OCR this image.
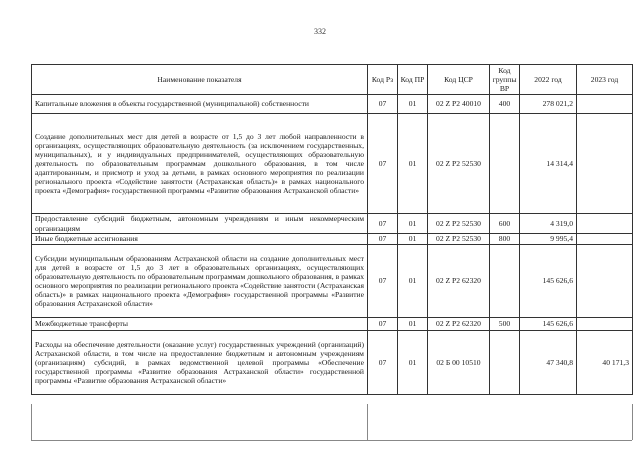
332
Наименование показателя	Код Рз	Код ПР	Код ЦСР	Код группы ВР	2022 год	2023 год
Капитальные вложения в объекты государственной (муниципальной) собственности	07	01	02 Z P2 40010	400	278 021,2	
Создание дополнительных мест для детей в возрасте от 1,5 до 3 лет любой направленности в организациях, осуществляющих образовательную деятельность (за исключением государственных, муниципальных), и у индивидуальных предпринимателей, осуществляющих образовательную деятельность по образовательным программам дошкольного образования, в том числе адаптированным, и присмотр и уход за детьми, в рамках основного мероприятия по реализации регионального проекта «Содействие занятости (Астраханская область)» в рамках национального проекта «Демография» государственной программы «Развитие образования Астраханской области»	07	01	02 Z P2 52530		14 314,4	
Предоставление субсидий бюджетным, автономным учреждениям и иным некоммерческим организациям	07	01	02 Z P2 52530	600	4 319,0	
Иные бюджетные ассигнования	07	01	02 Z P2 52530	800	9 995,4	
Субсидии муниципальным образованиям Астраханской области на создание дополнительных мест для детей в возрасте от 1,5 до 3 лет в образовательных организациях, осуществляющих образовательную деятельность по образовательным программам дошкольного образования, в рамках основного мероприятия по реализации регионального проекта «Содействие занятости (Астраханская область)» в рамках национального проекта «Демография» государственной программы «Развитие образования Астраханской области»	07	01	02 Z P2 62320		145 626,6	
Межбюджетные трансферты	07	01	02 Z P2 62320	500	145 626,6	
Расходы на обеспечение деятельности (оказание услуг) государственных учреждений (организаций) Астраханской области, в том числе на предоставление бюджетным и автономным учреждениям (организациям) субсидий, в рамках ведомственной целевой программы «Обеспечение государственной программы «Развитие образования Астраханской области» государственной программы «Развитие образования Астраханской области»	07	01	02 Б 00 10510		47 340,8	40 171,3
